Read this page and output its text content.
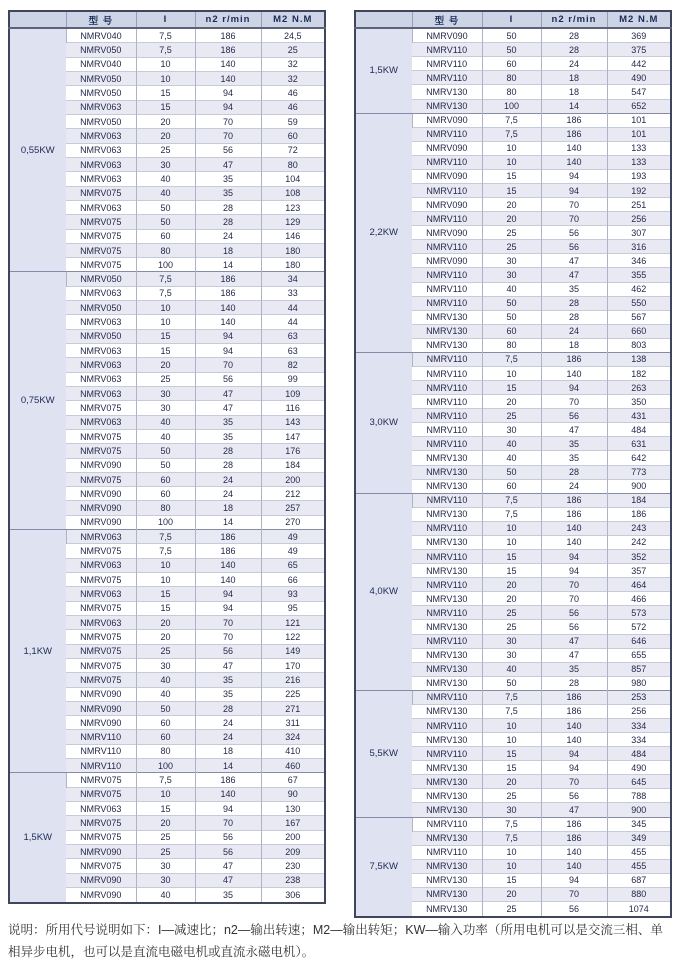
	型 号	I	n2 r/min	M2 N.M
0,55KW	NMRV040	7,5	186	24,5
	NMRV050	7,5	186	25
	NMRV040	10	140	32
	NMRV050	10	140	32
	NMRV050	15	94	46
	NMRV063	15	94	46
	NMRV050	20	70	59
	NMRV063	20	70	60
	NMRV063	25	56	72
	NMRV063	30	47	80
	NMRV063	40	35	104
	NMRV075	40	35	108
	NMRV063	50	28	123
	NMRV075	50	28	129
	NMRV075	60	24	146
	NMRV075	80	18	180
	NMRV075	100	14	180
0,75KW	NMRV050	7,5	186	34
	NMRV063	7,5	186	33
	NMRV050	10	140	44
	NMRV063	10	140	44
	NMRV050	15	94	63
	NMRV063	15	94	63
	NMRV063	20	70	82
	NMRV063	25	56	99
	NMRV063	30	47	109
	NMRV075	30	47	116
	NMRV063	40	35	143
	NMRV075	40	35	147
	NMRV075	50	28	176
	NMRV090	50	28	184
	NMRV075	60	24	200
	NMRV090	60	24	212
	NMRV090	80	18	257
	NMRV090	100	14	270
1,1KW	NMRV063	7,5	186	49
	NMRV075	7,5	186	49
	NMRV063	10	140	65
	NMRV075	10	140	66
	NMRV063	15	94	93
	NMRV075	15	94	95
	NMRV063	20	70	121
	NMRV075	20	70	122
	NMRV075	25	56	149
	NMRV075	30	47	170
	NMRV075	40	35	216
	NMRV090	40	35	225
	NMRV090	50	28	271
	NMRV090	60	24	311
	NMRV110	60	24	324
	NMRV110	80	18	410
	NMRV110	100	14	460
1,5KW	NMRV075	7,5	186	67
	NMRV075	10	140	90
	NMRV063	15	94	130
	NMRV075	20	70	167
	NMRV075	25	56	200
	NMRV090	25	56	209
	NMRV075	30	47	230
	NMRV090	30	47	238
	NMRV090	40	35	306
	型 号	I	n2 r/min	M2 N.M
1,5KW	NMRV090	50	28	369
	NMRV110	50	28	375
	NMRV110	60	24	442
	NMRV110	80	18	490
	NMRV130	80	18	547
	NMRV130	100	14	652
2,2KW	NMRV090	7,5	186	101
	NMRV110	7,5	186	101
	NMRV090	10	140	133
	NMRV110	10	140	133
	NMRV090	15	94	193
	NMRV110	15	94	192
	NMRV090	20	70	251
	NMRV110	20	70	256
	NMRV090	25	56	307
	NMRV110	25	56	316
	NMRV090	30	47	346
	NMRV110	30	47	355
	NMRV110	40	35	462
	NMRV110	50	28	550
	NMRV130	50	28	567
	NMRV130	60	24	660
	NMRV130	80	18	803
3,0KW	NMRV110	7,5	186	138
	NMRV110	10	140	182
	NMRV110	15	94	263
	NMRV110	20	70	350
	NMRV110	25	56	431
	NMRV110	30	47	484
	NMRV110	40	35	631
	NMRV130	40	35	642
	NMRV130	50	28	773
	NMRV130	60	24	900
4,0KW	NMRV110	7,5	186	184
	NMRV130	7,5	186	186
	NMRV110	10	140	243
	NMRV130	10	140	242
	NMRV110	15	94	352
	NMRV130	15	94	357
	NMRV110	20	70	464
	NMRV130	20	70	466
	NMRV110	25	56	573
	NMRV130	25	56	572
	NMRV110	30	47	646
	NMRV130	30	47	655
	NMRV130	40	35	857
	NMRV130	50	28	980
5,5KW	NMRV110	7,5	186	253
	NMRV130	7,5	186	256
	NMRV110	10	140	334
	NMRV130	10	140	334
	NMRV110	15	94	484
	NMRV130	15	94	490
	NMRV130	20	70	645
	NMRV130	25	56	788
	NMRV130	30	47	900
7,5KW	NMRV110	7,5	186	345
	NMRV130	7,5	186	349
	NMRV110	10	140	455
	NMRV130	10	140	455
	NMRV130	15	94	687
	NMRV130	20	70	880
	NMRV130	25	56	1074
说明：所用代号说明如下：I—减速比；n2—输出转速；M2—输出转矩；KW—输入功率（所用电机可以是交流三相、单相异步电机，也可以是直流电磁电机或直流永磁电机）。
